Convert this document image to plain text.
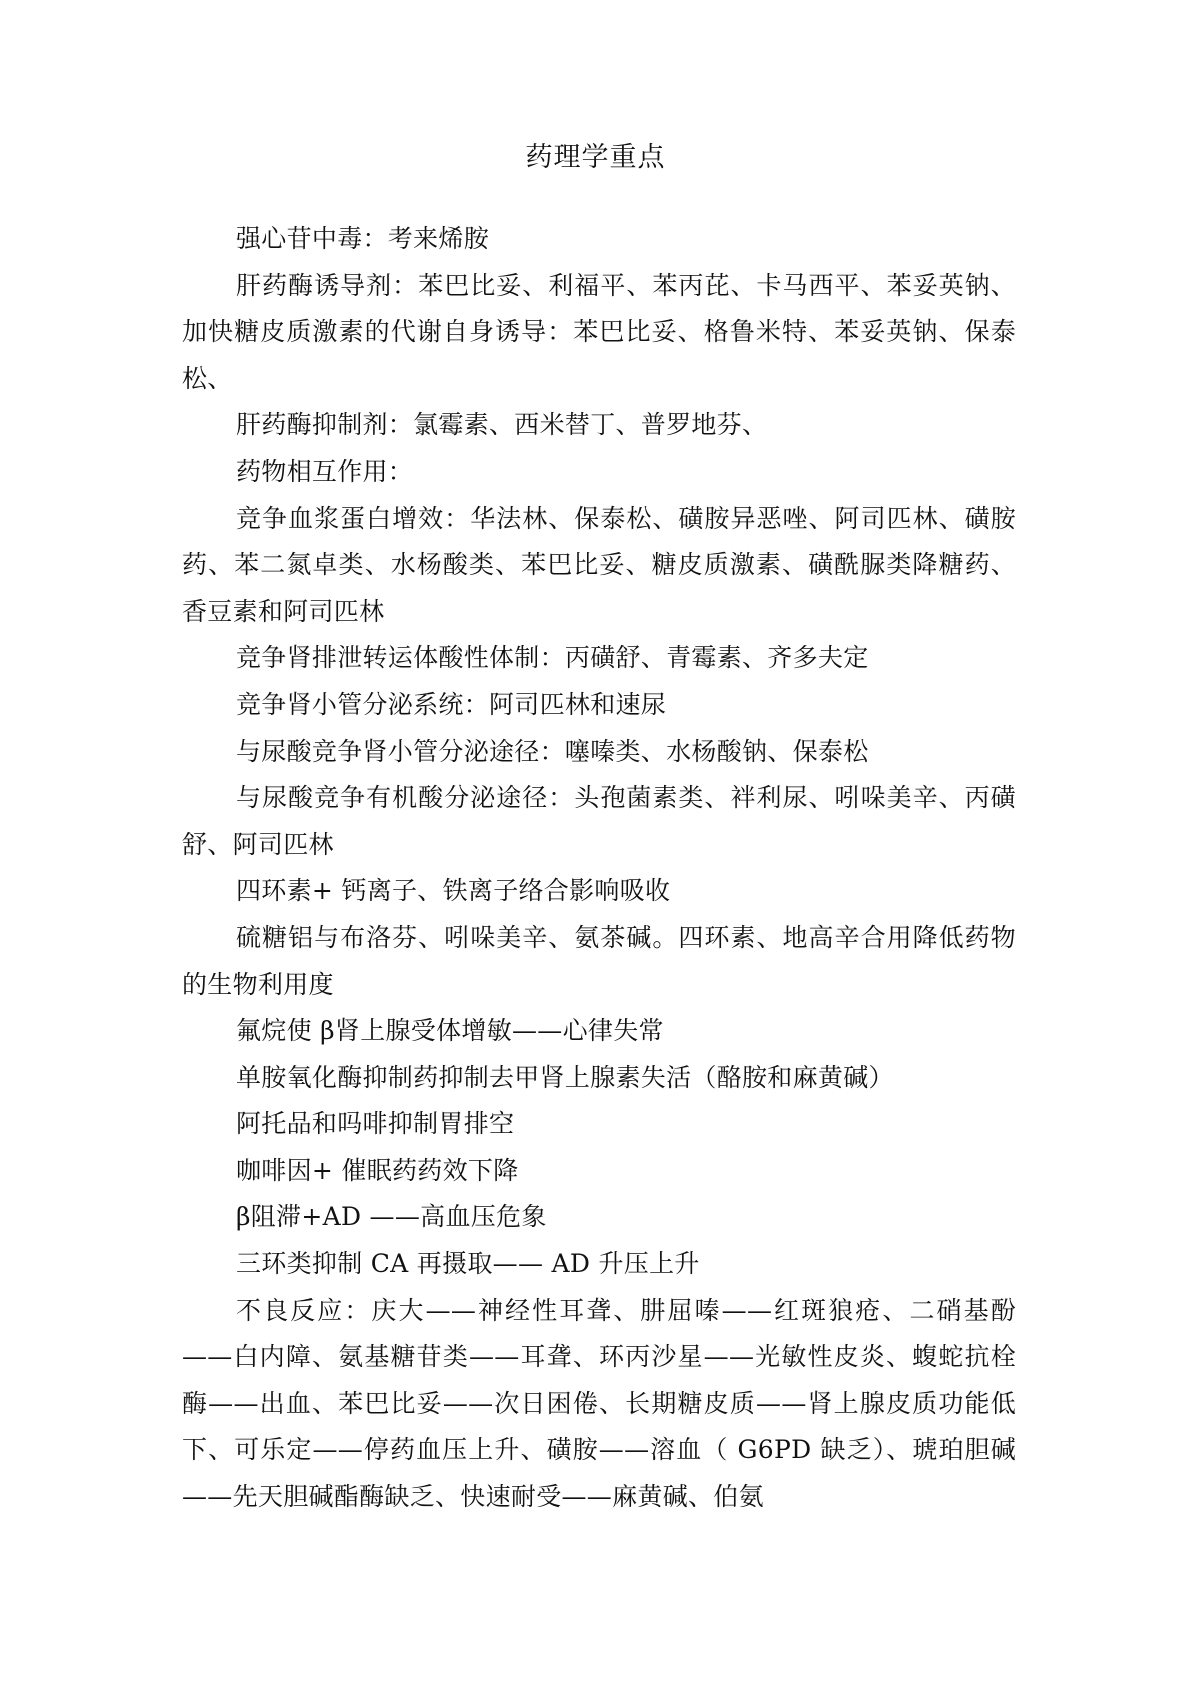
药理学重点

强心苷中毒：考来烯胺

肝药酶诱导剂：苯巴比妥、利福平、苯丙芘、卡马西平、苯妥英钠、加快糖皮质激素的代谢自身诱导：苯巴比妥、格鲁米特、苯妥英钠、保泰松、

肝药酶抑制剂：氯霉素、西米替丁、普罗地芬、

药物相互作用：

竞争血浆蛋白增效：华法林、保泰松、磺胺异恶唑、阿司匹林、磺胺药、苯二氮卓类、水杨酸类、苯巴比妥、糖皮质激素、磺酰脲类降糖药、香豆素和阿司匹林

竞争肾排泄转运体酸性体制：丙磺舒、青霉素、齐多夫定

竞争肾小管分泌系统：阿司匹林和速尿

与尿酸竞争肾小管分泌途径：噻嗪类、水杨酸钠、保泰松

与尿酸竞争有机酸分泌途径：头孢菌素类、袢利尿、吲哚美辛、丙磺舒、阿司匹林

四环素+ 钙离子、铁离子络合影响吸收

硫糖铝与布洛芬、吲哚美辛、氨茶碱。四环素、地高辛合用降低药物的生物利用度

氟烷使 β肾上腺受体增敏——心律失常

单胺氧化酶抑制药抑制去甲肾上腺素失活（酪胺和麻黄碱）

阿托品和吗啡抑制胃排空

咖啡因+ 催眠药药效下降

β阻滞+AD ——高血压危象

三环类抑制 CA 再摄取—— AD 升压上升

不良反应：庆大——神经性耳聋、肼屈嗪——红斑狼疮、二硝基酚——白内障、氨基糖苷类——耳聋、环丙沙星——光敏性皮炎、蝮蛇抗栓酶——出血、苯巴比妥——次日困倦、长期糖皮质——肾上腺皮质功能低下、可乐定——停药血压上升、磺胺——溶血（ G6PD 缺乏）、琥珀胆碱——先天胆碱酯酶缺乏、快速耐受——麻黄碱、伯氨
